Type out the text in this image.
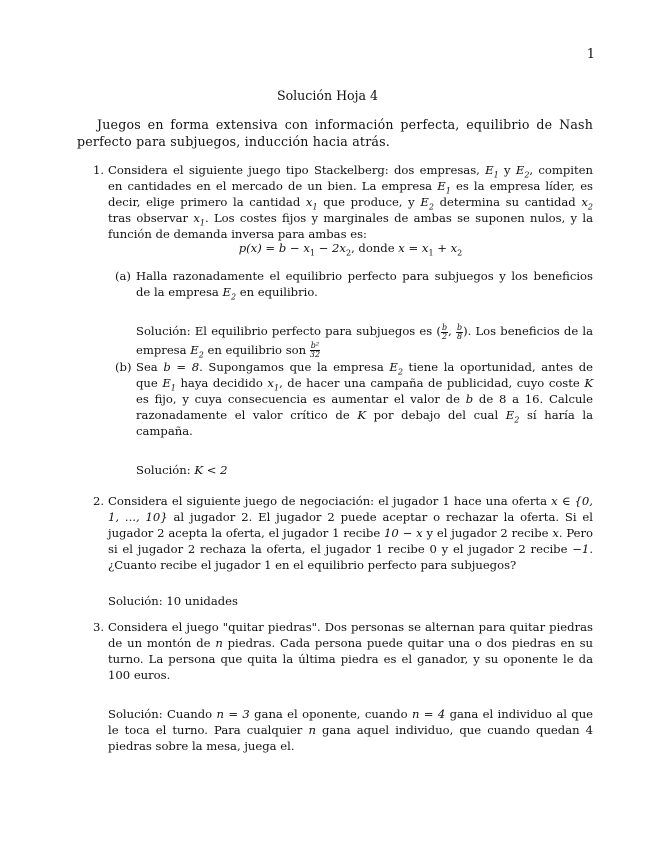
1
Solución Hoja 4
Juegos en forma extensiva con información perfecta, equilibrio de Nash perfecto para subjuegos, inducción hacia atrás.
1. Considera el siguiente juego tipo Stackelberg: dos empresas, $E_1$ y $E_2$, compiten en cantidades en el mercado de un bien. La empresa $E_1$ es la empresa líder, es decir, elige primero la cantidad $x_1$ que produce, y $E_2$ determina su cantidad $x_2$ tras observar $x_1$. Los costes fijos y marginales de ambas se suponen nulos, y la función de demanda inversa para ambas es:
$p(x) = b - x_1 - 2x_2$, donde $x = x_1 + x_2$
(a) Halla razonadamente el equilibrio perfecto para subjuegos y los beneficios de la empresa $E_2$ en equilibrio.
Solución: El equilibrio perfecto para subjuegos es ( $\frac{b}{2}$ , $\frac{b}{8}$ ). Los beneficios de la empresa $E_2$ en equilibrio son $\frac{\text{b²}}{32}$
(b) Sea b = 8. Supongamos que la empresa $E_2$ tiene la oportunidad, antes de que $E_1$ haya decidido $x_1$, de hacer una campaña de publicidad, cuyo coste K es fijo, y cuya consecuencia es aumentar el valor de b de 8 a 16. Calcule razonadamente el valor crítico de K por debajo del cual $E_2$ sí haría la campaña.
Solución: K < 2
2. Considera el siguiente juego de negociación: el jugador 1 hace una oferta x ∈ {0, 1, ..., 10} al jugador 2. El jugador 2 puede aceptar o rechazar la oferta. Si el jugador 2 acepta la oferta, el jugador 1 recibe 10 − x y el jugador 2 recibe x. Pero si el jugador 2 rechaza la oferta, el jugador 1 recibe 0 y el jugador 2 recibe −1.¿Cuanto recibe el jugador 1 en el equilibrio perfecto para subjuegos?
Solución: 10 unidades
3. Considera el juego "quitar piedras". Dos personas se alternan para quitar piedras de un montón de n piedras. Cada persona puede quitar una o dos piedras en su turno. La persona que quita la última piedra es el ganador, y su oponente le da 100 euros.
Solución: Cuando n = 3 gana el oponente, cuando n = 4 gana el individuo al que le toca el turno. Para cualquier n gana aquel individuo, que cuando quedan 4 piedras sobre la mesa, juega el.
